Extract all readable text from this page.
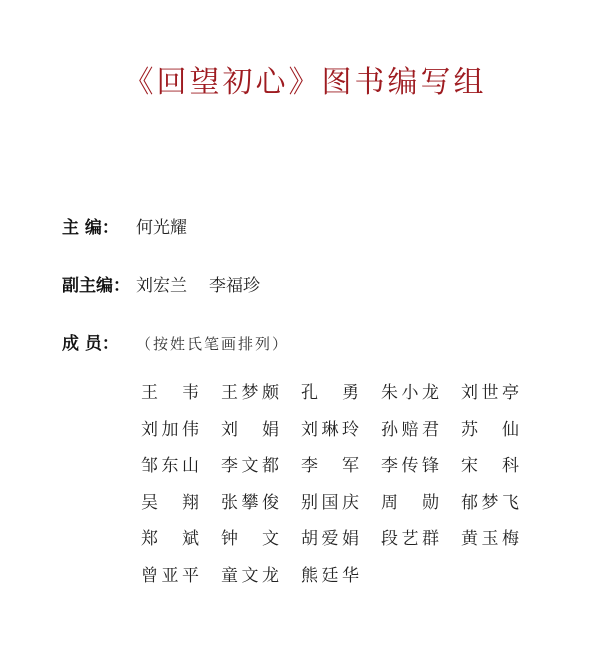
《回望初心》图书编写组
主 编： 何光耀
副主编： 刘宏兰 李福珍
成 员： （按姓氏笔画排列）
王 韦 王 梦 颇 孔 勇 朱 小 龙 刘 世 亭
刘 加 伟 刘 娟 刘 琳 玲 孙 赔 君 苏 仙
邹 东 山 李 文 都 李 军 李 传 锋 宋 科
吴 翔 张 攀 俊 别 国 庆 周 勋 郁 梦 飞
郑 斌 钟 文 胡 爱 娟 段 艺 群 黄 玉 梅
曾 亚 平 童 文 龙 熊 廷 华
